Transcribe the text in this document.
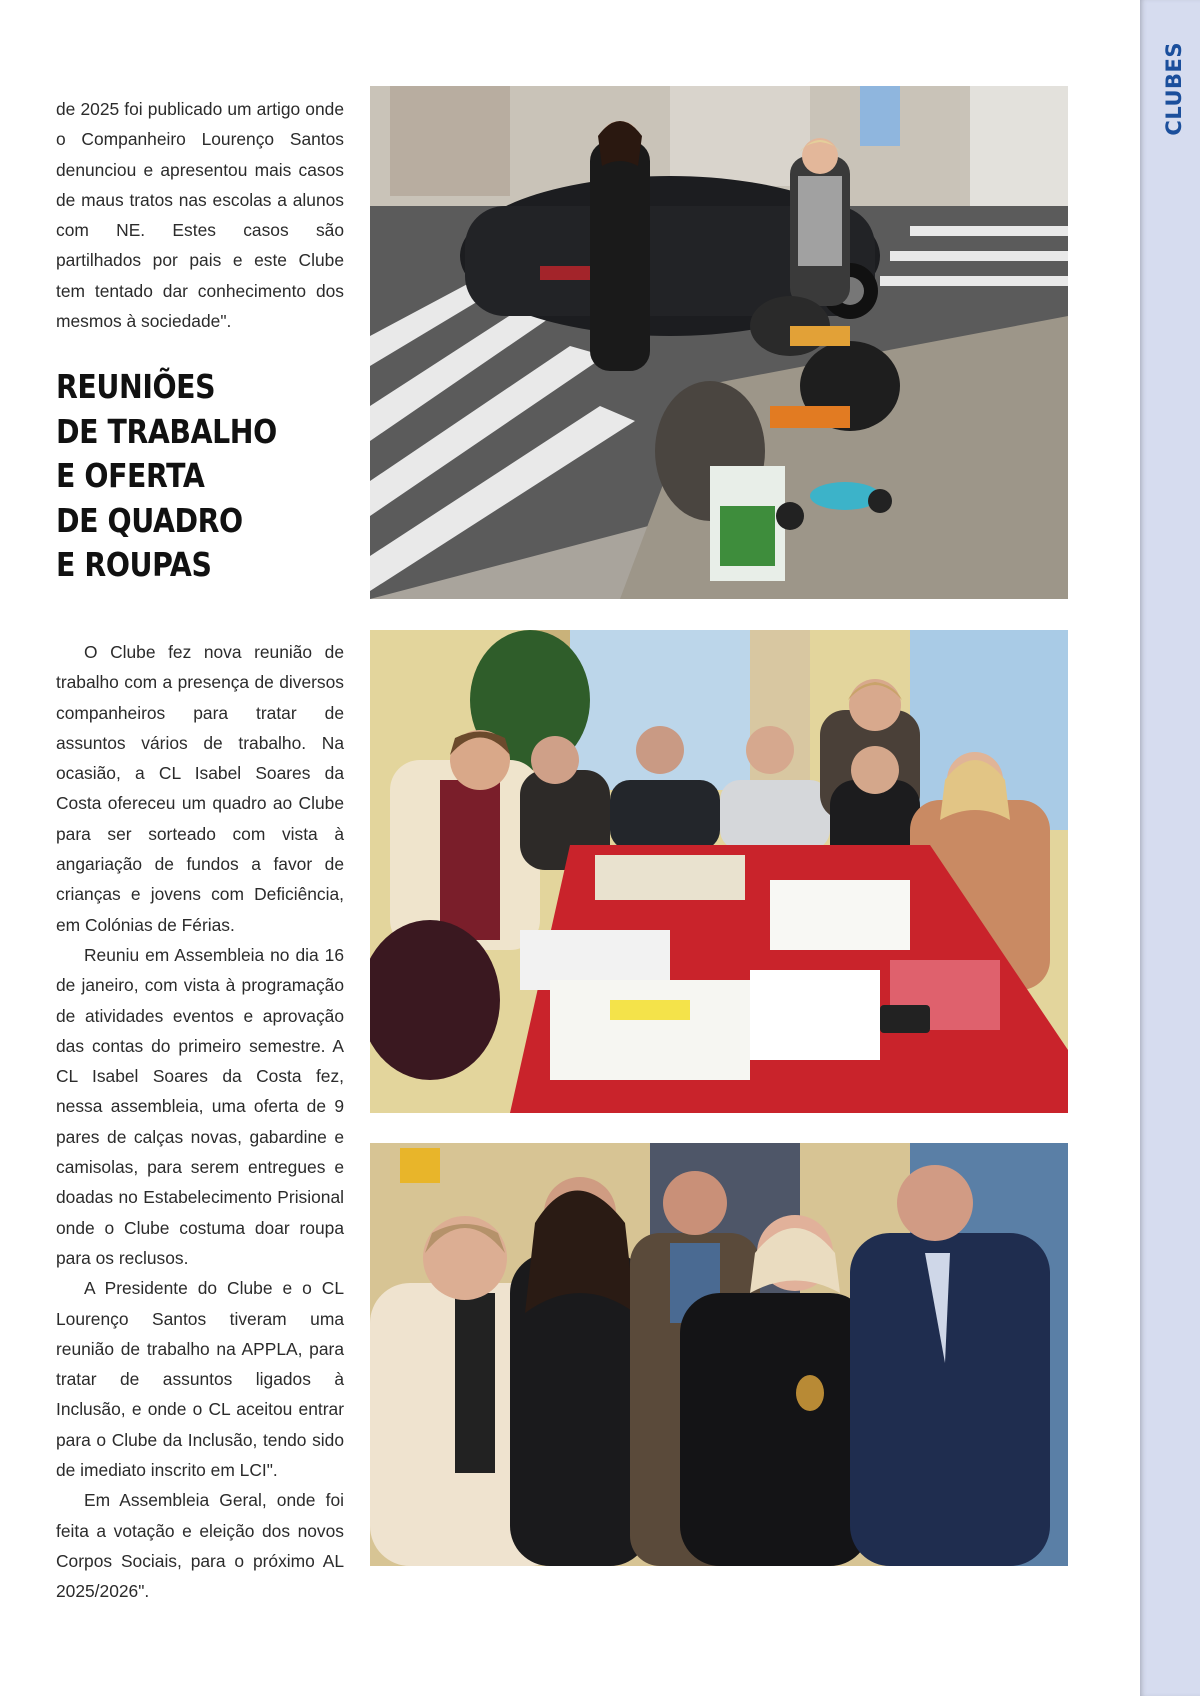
CLUBES

de 2025 foi publicado um artigo onde o Companheiro Lourenço Santos denunciou e apresentou mais casos de maus tratos nas escolas a alunos com NE. Estes casos são partilhados por pais e este Clube tem tentado dar conhecimento dos mesmos à sociedade".

REUNIÕES
DE TRABALHO
E OFERTA
DE QUADRO
E ROUPAS

O Clube fez nova reunião de trabalho com a presença de diversos companheiros para tratar de assuntos vários de trabalho. Na ocasião, a CL Isabel Soares da Costa ofereceu um quadro ao Clube para ser sorteado com vista à angariação de fundos a favor de crianças e jovens com Deficiência, em Colónias de Férias.

Reuniu em Assembleia no dia 16 de janeiro, com vista à programação de atividades eventos e aprovação das contas do primeiro semestre. A CL Isabel Soares da Costa fez, nessa assembleia, uma oferta de 9 pares de calças novas, gabardine e camisolas, para serem entregues e doadas no Estabelecimento Prisional onde o Clube costuma doar roupa para os reclusos.

A Presidente do Clube e o CL Lourenço Santos tiveram uma reunião de trabalho na APPLA, para tratar de assuntos ligados à Inclusão, e onde o CL aceitou entrar para o Clube da Inclusão, tendo sido de imediato inscrito em LCI".

Em Assembleia Geral, onde foi feita a votação e eleição dos novos Corpos Sociais, para o próximo AL 2025/2026".
